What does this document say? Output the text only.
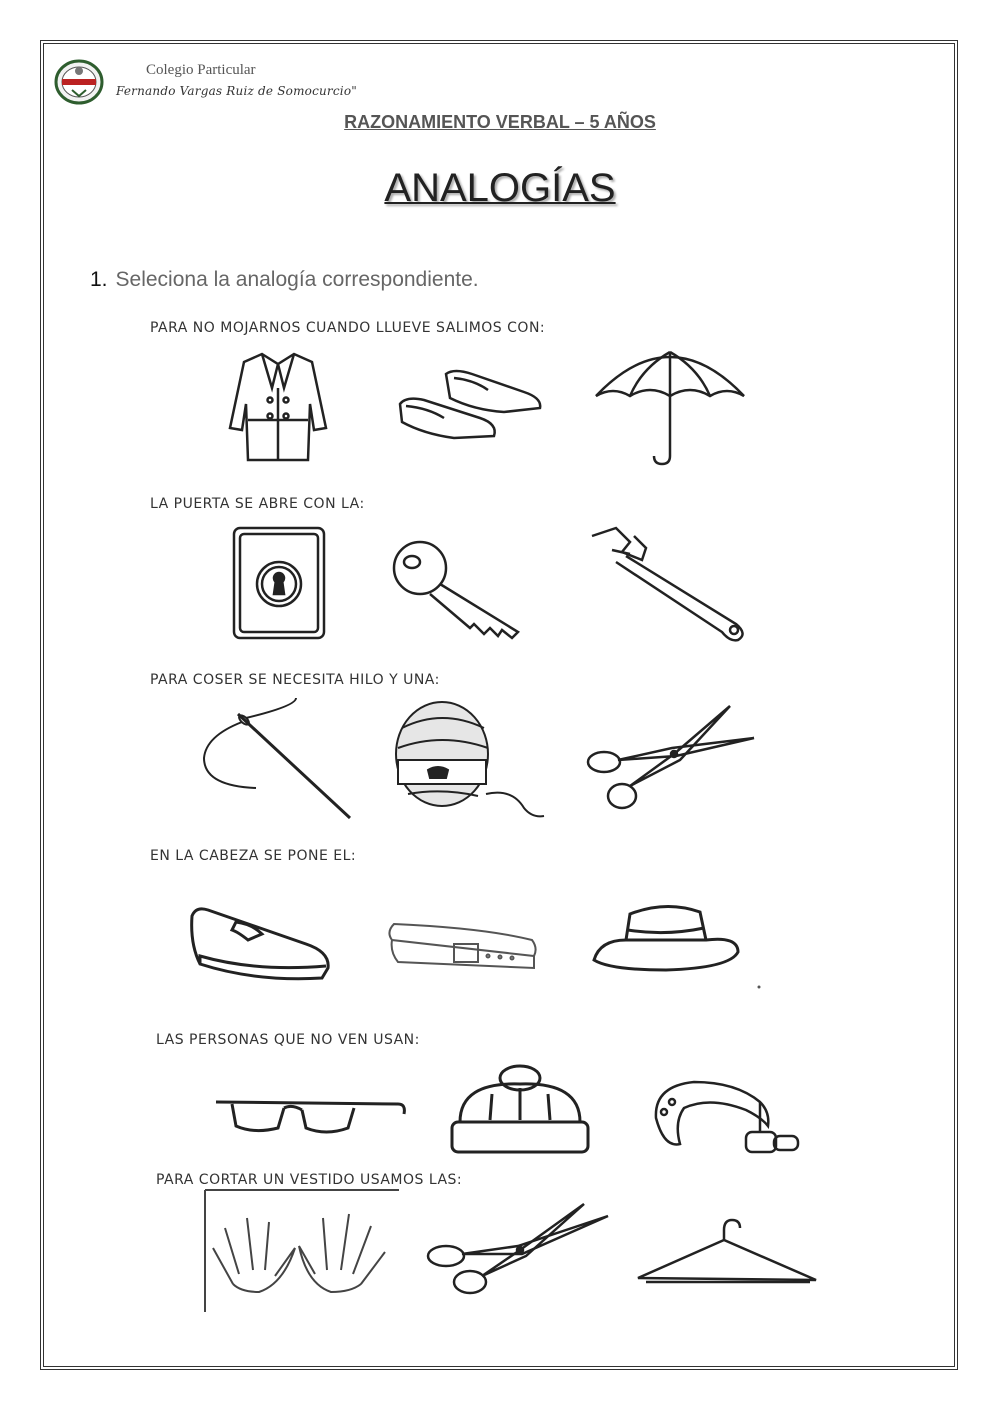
Colegio Particular
Fernando Vargas Ruiz de Somocurcio"
RAZONAMIENTO VERBAL – 5 AÑOS
ANALOGÍAS
1. Seleciona la analogía correspondiente.
PARA NO MOJARNOS CUANDO LLUEVE SALIMOS CON:
LA PUERTA SE ABRE CON LA:
PARA COSER SE NECESITA HILO Y UNA:
EN LA CABEZA SE PONE EL:
LAS PERSONAS QUE NO VEN USAN:
PARA CORTAR UN VESTIDO USAMOS LAS:
